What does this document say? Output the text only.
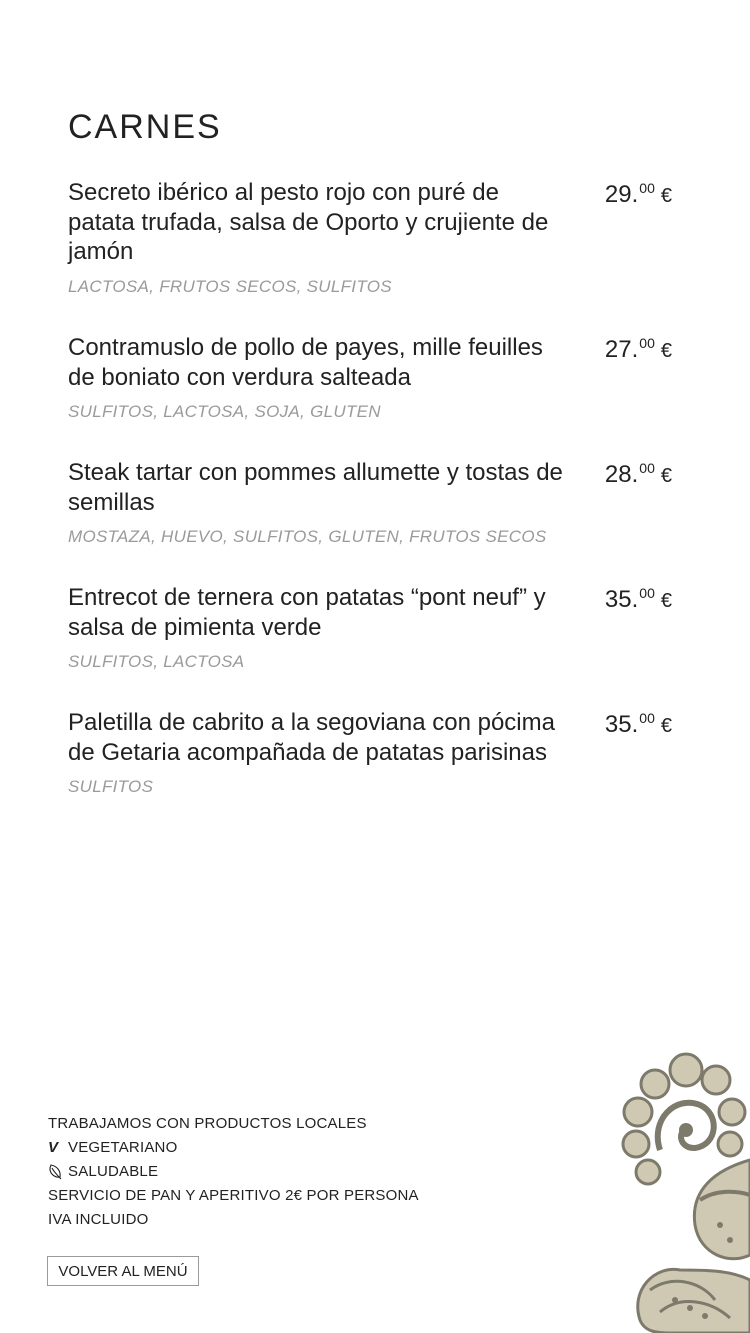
CARNES
Secreto ibérico al pesto rojo con puré de patata trufada, salsa de Oporto y crujiente de jamón
LACTOSA, FRUTOS SECOS, SULFITOS
29.00 €
Contramuslo de pollo de payes, mille feuilles de boniato con verdura salteada
SULFITOS, LACTOSA, SOJA, GLUTEN
27.00 €
Steak tartar con pommes allumette y tostas de semillas
MOSTAZA, HUEVO, SULFITOS, GLUTEN, FRUTOS SECOS
28.00 €
Entrecot de ternera con patatas “pont neuf” y salsa de pimienta verde
SULFITOS, LACTOSA
35.00 €
Paletilla de cabrito a la segoviana con pócima de Getaria acompañada de patatas parisinas
SULFITOS
35.00 €
TRABAJAMOS CON PRODUCTOS LOCALES
V VEGETARIANO
SALUDABLE
SERVICIO DE PAN Y APERITIVO 2€ POR PERSONA
IVA INCLUIDO
VOLVER AL MENÚ
